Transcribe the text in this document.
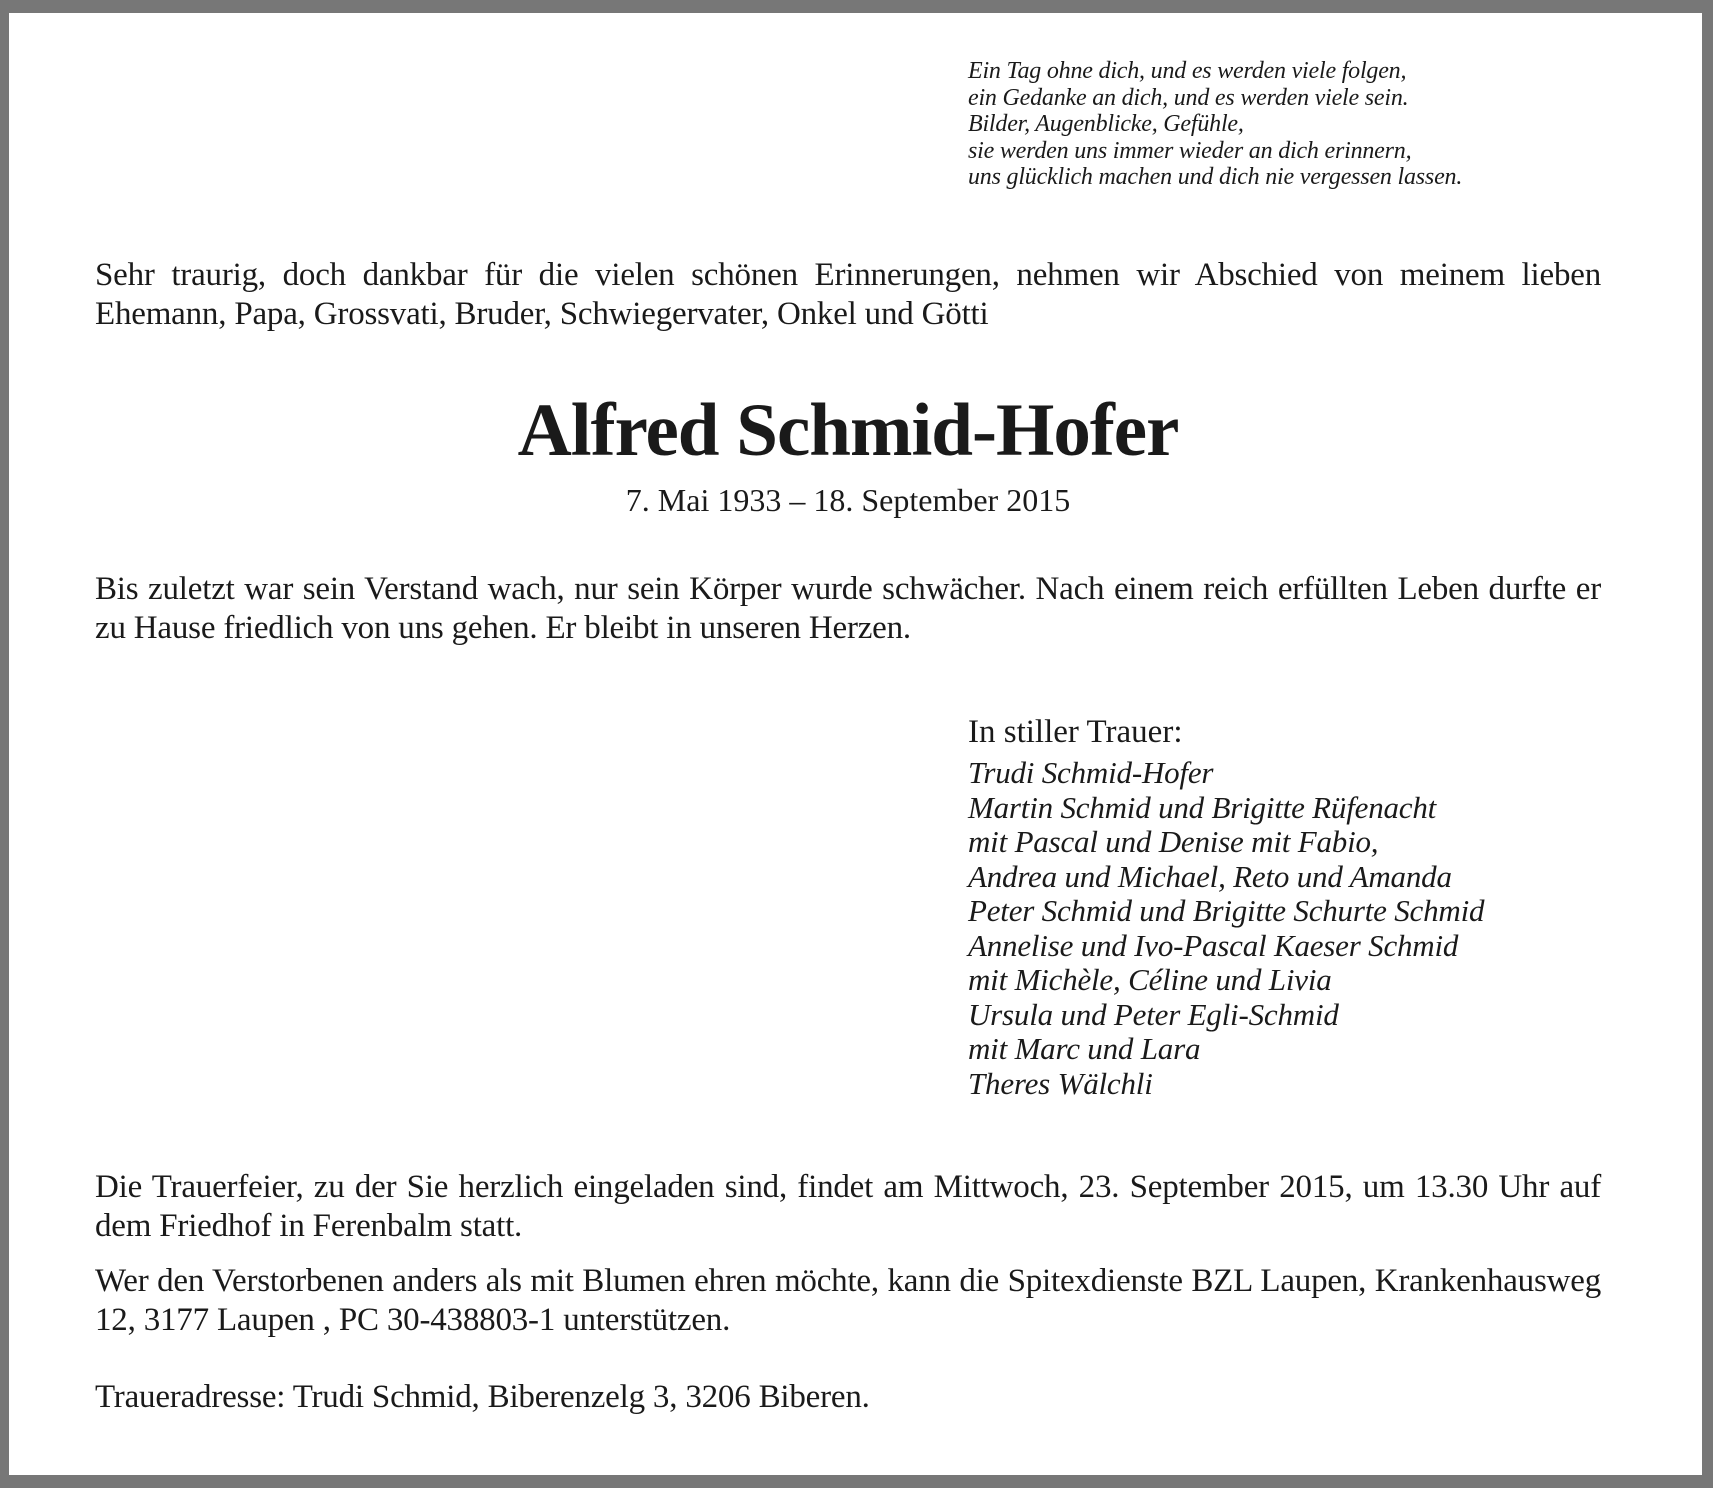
Ein Tag ohne dich, und es werden viele folgen,
ein Gedanke an dich, und es werden viele sein.
Bilder, Augenblicke, Gefühle,
sie werden uns immer wieder an dich erinnern,
uns glücklich machen und dich nie vergessen lassen.
Sehr traurig, doch dankbar für die vielen schönen Erinnerungen, nehmen wir Abschied von meinem lieben Ehemann, Papa, Grossvati, Bruder, Schwiegervater, Onkel und Götti
Alfred Schmid-Hofer
7. Mai 1933 – 18. September 2015
Bis zuletzt war sein Verstand wach, nur sein Körper wurde schwächer. Nach einem reich erfüllten Leben durfte er zu Hause friedlich von uns gehen. Er bleibt in unseren Herzen.
In stiller Trauer:
Trudi Schmid-Hofer
Martin Schmid und Brigitte Rüfenacht
mit Pascal und Denise mit Fabio,
Andrea und Michael, Reto und Amanda
Peter Schmid und Brigitte Schurte Schmid
Annelise und Ivo-Pascal Kaeser Schmid
mit Michèle, Céline und Livia
Ursula und Peter Egli-Schmid
mit Marc und Lara
Theres Wälchli
Die Trauerfeier, zu der Sie herzlich eingeladen sind, findet am Mittwoch, 23. September 2015, um 13.30 Uhr auf dem Friedhof in Ferenbalm statt.
Wer den Verstorbenen anders als mit Blumen ehren möchte, kann die Spitexdienste BZL Laupen, Krankenhausweg 12, 3177 Laupen , PC 30-438803-1 unterstützen.
Traueradresse: Trudi Schmid, Biberenzelg 3, 3206 Biberen.
